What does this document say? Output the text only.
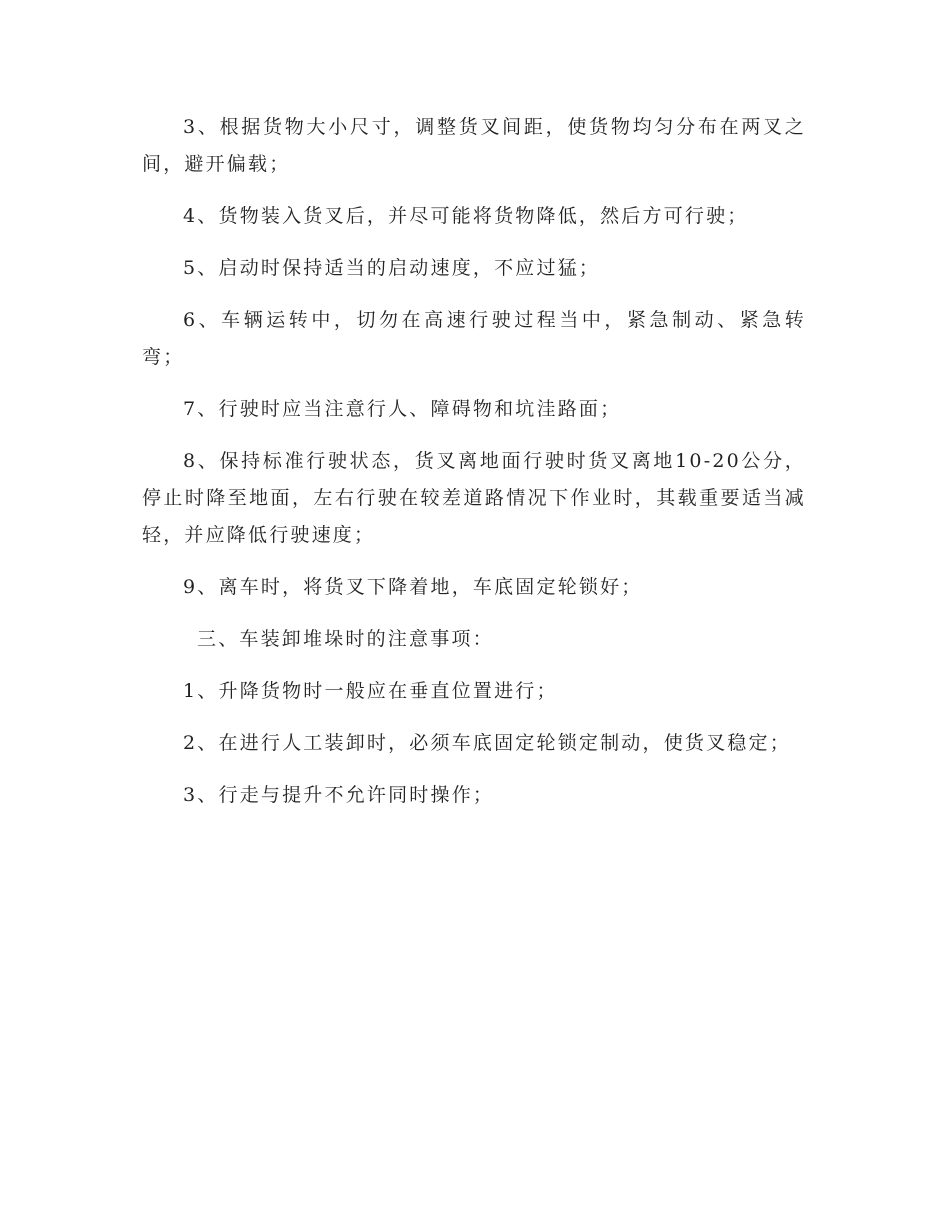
3、根据货物大小尺寸，调整货叉间距，使货物均匀分布在两叉之间，避开偏载；

4、货物装入货叉后，并尽可能将货物降低，然后方可行驶；

5、启动时保持适当的启动速度，不应过猛；

6、车辆运转中，切勿在高速行驶过程当中，紧急制动、紧急转弯；

7、行驶时应当注意行人、障碍物和坑洼路面；

8、保持标准行驶状态，货叉离地面行驶时货叉离地10-20公分，停止时降至地面，左右行驶在较差道路情况下作业时，其载重要适当减轻，并应降低行驶速度；

9、离车时，将货叉下降着地，车底固定轮锁好；

三、车装卸堆垛时的注意事项：

1、升降货物时一般应在垂直位置进行；

2、在进行人工装卸时，必须车底固定轮锁定制动，使货叉稳定；

3、行走与提升不允许同时操作；
